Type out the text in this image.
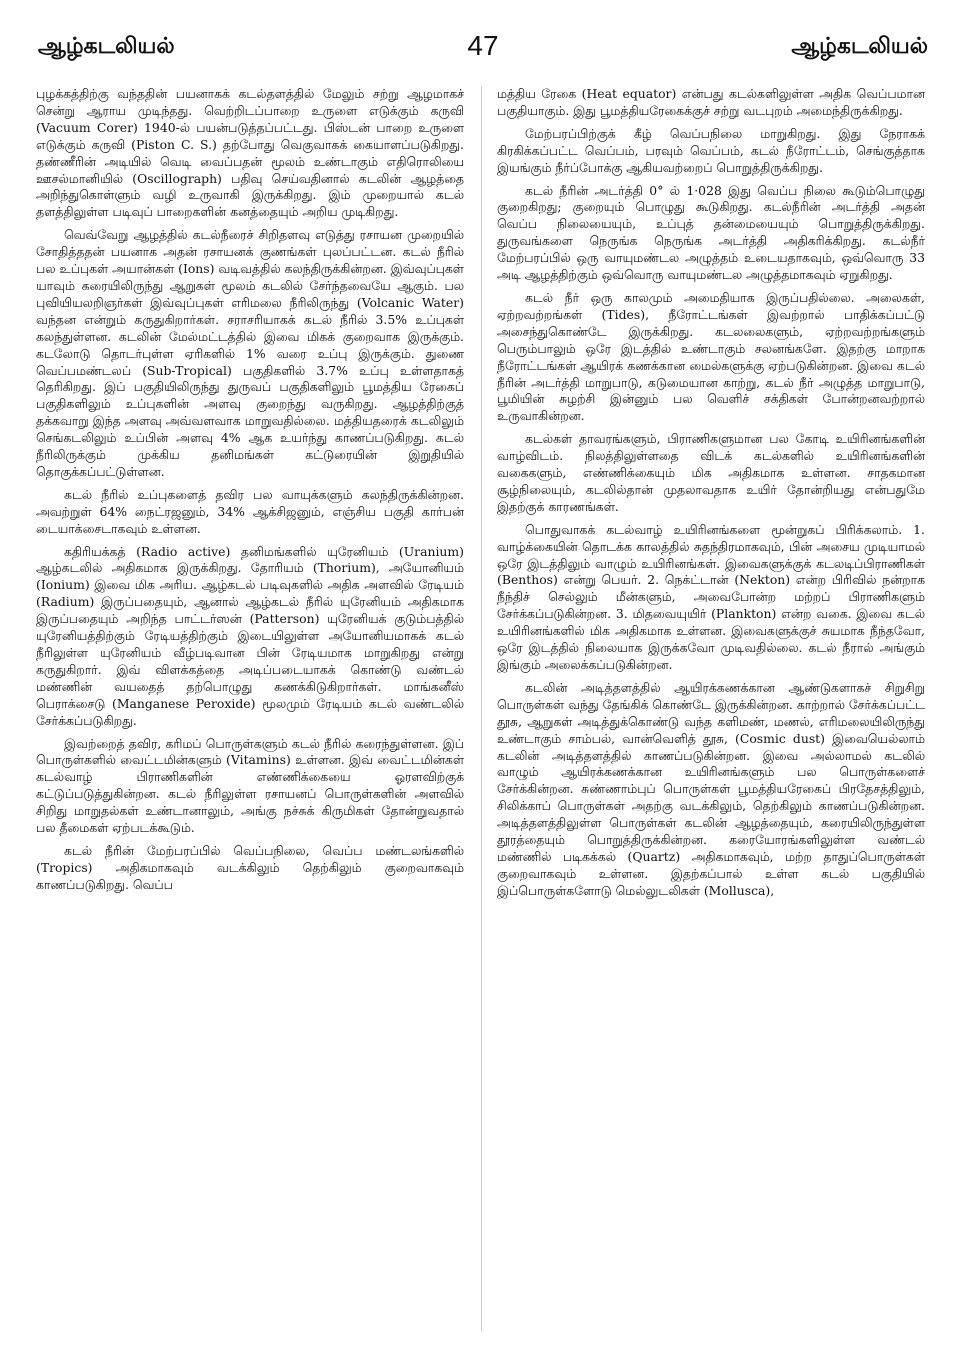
ஆழ்கடலியல்	47	ஆழ்கடலியல்

புழக்கத்திற்கு வந்ததின் பயனாகக் கடல்தளத்தில் மேலும் சற்று ஆழமாகச் சென்று ஆராய முடிந்தது. வெற்றிடப்பாறை உருளை எடுக்கும் கருவி (Vacuum Corer) 1940-ல் பயன்படுத்தப்பட்டது. பிஸ்டன் பாறை உருளை எடுக்கும் கருவி (Piston C. S.) தற்போது வெகுவாகக் கையாளப்படுகிறது. தண்ணீரின் அடியில் வெடி வைப்பதன் மூலம் உண்டாகும் எதிரொலியை ஊசல்மானியில் (Oscillograph) பதிவு செய்வதினால் கடலின் ஆழத்தை அறிந்துகொள்ளும் வழி உருவாகி இருக்கிறது. இம் முறையால் கடல் தளத்திலுள்ள படிவுப் பாறைகளின் கனத்தையும் அறிய முடிகிறது.

வெவ்வேறு ஆழத்தில் கடல்நீரைச் சிறிதளவு எடுத்து ரசாயன முறையில் சோதித்ததன் பயனாக அதன் ரசாயனக் குணங்கள் புலப்பட்டன. கடல் நீரில் பல உப்புகள் அயான்கள் (Ions) வடிவத்தில் கலந்திருக்கின்றன. இவ்வுப்புகள் யாவும் கரையிலிருந்து ஆறுகள் மூலம் கடலில் சேர்ந்தவையே ஆகும். பல புவியியலறிஞர்கள் இவ்வுப்புகள் எரிமலை நீரிலிருந்து (Volcanic Water) வந்தன என்றும் கருதுகிறார்கள். சராசரியாகக் கடல் நீரில் 3.5% உப்புகள் கலந்துள்ளன. கடலின் மேல்மட்டத்தில் இவை மிகக் குறைவாக இருக்கும். கடலோடு தொடர்புள்ள ஏரிகளில் 1% வரை உப்பு இருக்கும். துணை வெப்பமண்டலப் (Sub-Tropical) பகுதிகளில் 3.7% உப்பு உள்ளதாகத் தெரிகிறது. இப் பகுதியிலிருந்து துருவப் பகுதிகளிலும் பூமத்திய ரேகைப் பகுதிகளிலும் உப்புகளின் அளவு குறைந்து வருகிறது. ஆழத்திற்குத் தக்கவாறு இந்த அளவு அவ்வளவாக மாறுவதில்லை. மத்தியதரைக் கடலிலும் செங்கடலிலும் உப்பின் அளவு 4% ஆக உயர்ந்து காணப்படுகிறது. கடல் நீரிலிருக்கும் முக்கிய தனிமங்கள் கட்டுரையின் இறுதியில் தொகுக்கப்பட்டுள்ளன.

கடல் நீரில் உப்புகளைத் தவிர பல வாயுக்களும் கலந்திருக்கின்றன. அவற்றுள் 64% நைட்ரஜனும், 34% ஆக்சிஜனும், எஞ்சிய பகுதி கார்பன் டையாக்சைடாகவும் உள்ளன.

கதிரியக்கத் (Radio active) தனிமங்களில் யுரேனியம் (Uranium) ஆழ்கடலில் அதிகமாக இருக்கிறது. தோரியம் (Thorium), அயோனியம் (Ionium) இவை மிக அரிய. ஆழ்கடல் படிவுகளில் அதிக அளவில் ரேடியம் (Radium) இருப்பதையும், ஆனால் ஆழ்கடல் நீரில் யுரேனியம் அதிகமாக இருப்பதையும் அறிந்த பாட்டர்ஸன் (Patterson) யுரேனியக் குடும்பத்தில் யுரேனியத்திற்கும் ரேடியத்திற்கும் இடையிலுள்ள அயோனியமாகக் கடல் நீரிலுள்ள யுரேனியம் வீழ்படிவான பின் ரேடியமாக மாறுகிறது என்று கருதுகிறார். இவ் விளக்கத்தை அடிப்படையாகக் கொண்டு வண்டல் மண்ணின் வயதைத் தற்பொழுது கணக்கிடுகிறார்கள். மாங்கனீஸ் பெராக்சைடு (Manganese Peroxide) மூலமும் ரேடியம் கடல் வண்டலில் சேர்க்கப்படுகிறது.

இவற்றைத் தவிர, கரிமப் பொருள்களும் கடல் நீரில் கரைந்துள்ளன. இப் பொருள்களில் வைட்டமின்களும் (Vitamins) உள்ளன. இவ் வைட்டமின்கள் கடல்வாழ் பிராணிகளின் எண்ணிக்கையை ஓரளவிற்குக் கட்டுப்படுத்துகின்றன. கடல் நீரிலுள்ள ரசாயனப் பொருள்களின் அளவில் சிறிது மாறுதல்கள் உண்டானாலும், அங்கு நச்சுக் கிருமிகள் தோன்றுவதால் பல தீமைகள் ஏற்படக்கூடும்.

கடல் நீரின் மேற்பரப்பில் வெப்பநிலை, வெப்ப மண்டலங்களில் (Tropics) அதிகமாகவும் வடக்கிலும் தெற்கிலும் குறைவாகவும் காணப்படுகிறது. வெப்ப

மத்திய ரேகை (Heat equator) என்பது கடல்களிலுள்ள அதிக வெப்பமான பகுதியாகும். இது பூமத்தியரேகைக்குச் சற்று வடபுறம் அமைந்திருக்கிறது.

மேற்பரப்பிற்குக் கீழ் வெப்பநிலை மாறுகிறது. இது நேராகக் கிரகிக்கப்பட்ட வெப்பம், பரவும் வெப்பம், கடல் நீரோட்டம், செங்குத்தாக இயங்கும் நீர்ப்போக்கு ஆகியவற்றைப் பொறுத்திருக்கிறது.

கடல் நீரின் அடர்த்தி 0° ல் 1·028 இது வெப்ப நிலை கூடும்பொழுது குறைகிறது; குறையும் பொழுது கூடுகிறது. கடல்நீரின் அடர்த்தி அதன் வெப்ப நிலையையும், உப்புத் தன்மையையும் பொறுத்திருக்கிறது. துருவங்களை நெருங்க நெருங்க அடர்த்தி அதிகரிக்கிறது. கடல்நீர் மேற்பரப்பில் ஒரு வாயுமண்டல அழுத்தம் உடையதாகவும், ஒவ்வொரு 33 அடி ஆழத்திற்கும் ஒவ்வொரு வாயுமண்டல அழுத்தமாகவும் ஏறுகிறது.

கடல் நீர் ஒரு காலமும் அமைதியாக இருப்பதில்லை. அலைகள், ஏற்றவற்றங்கள் (Tides), நீரோட்டங்கள் இவற்றால் பாதிக்கப்பட்டு அசைந்துகொண்டே இருக்கிறது. கடலலைகளும், ஏற்றவற்றங்களும் பெரும்பாலும் ஒரே இடத்தில் உண்டாகும் சலனங்களே. இதற்கு மாறாக நீரோட்டங்கள் ஆயிரக் கணக்கான மைல்களுக்கு ஏற்படுகின்றன. இவை கடல் நீரின் அடர்த்தி மாறுபாடு, கடுமையான காற்று, கடல் நீர் அழுத்த மாறுபாடு, பூமியின் சுழற்சி இன்னும் பல வெளிச் சக்திகள் போன்றனவற்றால் உருவாகின்றன.

கடல்கள் தாவரங்களும், பிராணிகளுமான பல கோடி உயிரினங்களின் வாழ்விடம். நிலத்திலுள்ளதை விடக் கடல்களில் உயிரினங்களின் வகைகளும், எண்ணிக்கையும் மிக அதிகமாக உள்ளன. சாதகமான சூழ்நிலையும், கடலில்தான் முதலாவதாக உயிர் தோன்றியது என்பதுமே இதற்குக் காரணங்கள்.

பொதுவாகக் கடல்வாழ் உயிரினங்களை மூன்றுகப் பிரிக்கலாம். 1. வாழ்க்கையின் தொடக்க காலத்தில் சுதந்திரமாகவும், பின் அசைய முடியாமல் ஒரே இடத்திலும் வாழும் உயிரினங்கள். இவைகளுக்குக் கடலடிப்பிராணிகள் (Benthos) என்று பெயர். 2. நெக்ட்டான் (Nekton) என்ற பிரிவில் நன்றாக நீந்திச் செல்லும் மீன்களும், அவைபோன்ற மற்றப் பிராணிகளும் சேர்க்கப்படுகின்றன. 3. மிதவையுயிர் (Plankton) என்ற வகை. இவை கடல் உயிரினங்களில் மிக அதிகமாக உள்ளன. இவைகளுக்குச் சுயமாக நீந்தவோ, ஒரே இடத்தில் நிலையாக இருக்கவோ முடிவதில்லை. கடல் நீரால் அங்கும் இங்கும் அலைக்கப்படுகின்றன.

கடலின் அடித்தளத்தில் ஆயிரக்கணக்கான ஆண்டுகளாகச் சிறுசிறு பொருள்கள் வந்து தேங்கிக் கொண்டே இருக்கின்றன. காற்றால் சேர்க்கப்பட்ட தூசு, ஆறுகள் அடித்துக்கொண்டு வந்த களிமண், மணல், எரிமலையிலிருந்து உண்டாகும் சாம்பல், வான்வெளித் தூசு, (Cosmic dust) இவையெல்லாம் கடலின் அடித்தளத்தில் காணப்படுகின்றன. இவை அல்லாமல் கடலில் வாழும் ஆயிரக்கணக்கான உயிரினங்களும் பல பொருள்களைச் சேர்க்கின்றன. சுண்ணாம்புப் பொருள்கள் பூமத்தியரேகைப் பிரதேசத்திலும், சிலிக்காப் பொருள்கள் அதற்கு வடக்கிலும், தெற்கிலும் காணப்படுகின்றன. அடித்தளத்திலுள்ள பொருள்கள் கடலின் ஆழத்தையும், கரையிலிருந்துள்ள தூரத்தையும் பொறுத்திருக்கின்றன. கரையோரங்களிலுள்ள வண்டல் மண்ணில் படிகக்கல் (Quartz) அதிகமாகவும், மற்ற தாதுப்பொருள்கள் குறைவாகவும் உள்ளன. இதற்கப்பால் உள்ள கடல் பகுதியில் இப்பொருள்களோடு மெல்லுடலிகள் (Mollusca),
